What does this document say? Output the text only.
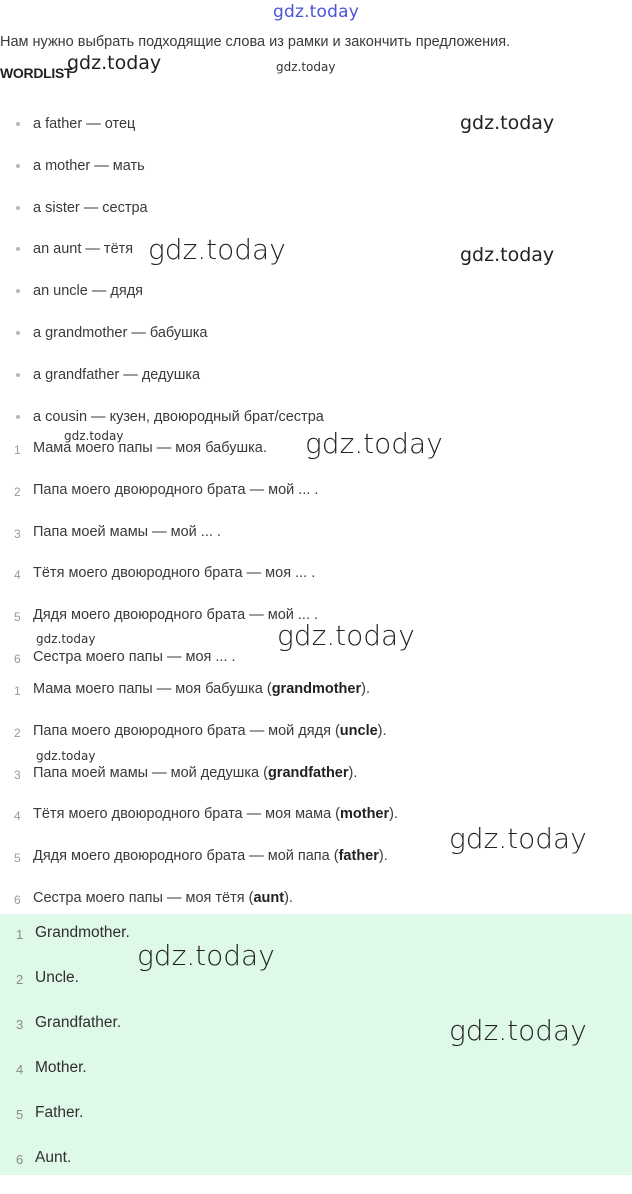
gdz.today
Нам нужно выбрать подходящие слова из рамки и закончить предложения.
WORDLIST
a father — отец
a mother — мать
a sister — сестра
an aunt — тётя
an uncle — дядя
a grandmother — бабушка
a grandfather — дедушка
a cousin — кузен, двоюродный брат/сестра
1 Мама моего папы — моя бабушка.
2 Папа моего двоюродного брата — мой ... .
3 Папа моей мамы — мой ... .
4 Тётя моего двоюродного брата — моя ... .
5 Дядя моего двоюродного брата — мой ... .
6 Сестра моего папы — моя ... .
1 Мама моего папы — моя бабушка (grandmother).
2 Папа моего двоюродного брата — мой дядя (uncle).
3 Папа моей мамы — мой дедушка (grandfather).
4 Тётя моего двоюродного брата — моя мама (mother).
5 Дядя моего двоюродного брата — мой папа (father).
6 Сестра моего папы — моя тётя (aunt).
1 Grandmother.
2 Uncle.
3 Grandfather.
4 Mother.
5 Father.
6 Aunt.
gdz.today	gdz.today
gdz.today
gdz.today	gdz.today
gdz.today	gdz.today
gdz.today	gdz.today
gdz.today
gdz.today
gdz.today
gdz.today
